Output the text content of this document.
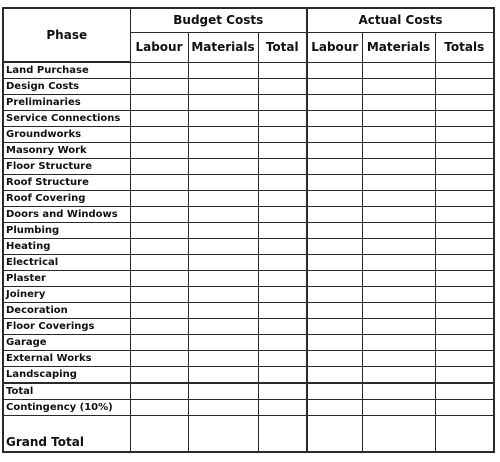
Phase	Budget Costs			Actual Costs		
	Labour	Materials	Total	Labour	Materials	Totals
Land Purchase						
Design Costs						
Preliminaries						
Service Connections						
Groundworks						
Masonry Work						
Floor Structure						
Roof Structure						
Roof Covering						
Doors and Windows						
Plumbing						
Heating						
Electrical						
Plaster						
Joinery						
Decoration						
Floor Coverings						
Garage						
External Works						
Landscaping						
Total						
Contingency (10%)						
Grand Total						
